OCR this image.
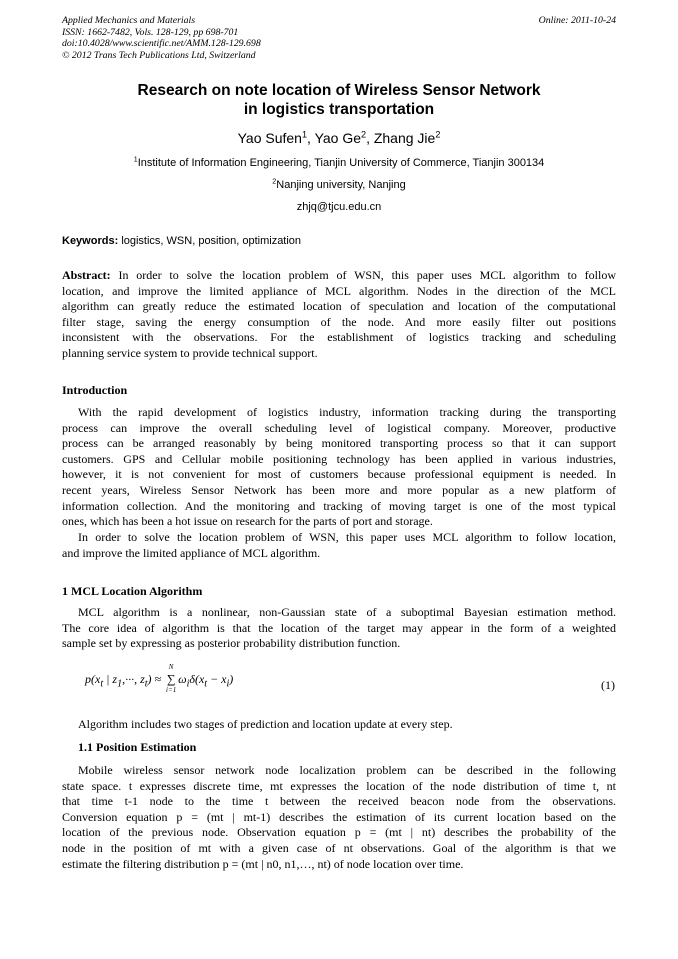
Applied Mechanics and Materials
ISSN: 1662-7482, Vols. 128-129, pp 698-701
doi:10.4028/www.scientific.net/AMM.128-129.698
© 2012 Trans Tech Publications Ltd, Switzerland
Online: 2011-10-24
Research on note location of Wireless Sensor Network
in logistics transportation
Yao Sufen$^1$, Yao Ge$^2$, Zhang Jie$^2$
$^1$Institute of Information Engineering, Tianjin University of Commerce, Tianjin 300134
$^2$Nanjing university, Nanjing
zhjq@tjcu.edu.cn
Keywords: logistics, WSN, position, optimization
Abstract: In order to solve the location problem of WSN, this paper uses MCL algorithm to follow
location, and improve the limited appliance of MCL algorithm. Nodes in the direction of the MCL
algorithm can greatly reduce the estimated location of speculation and location of the computational
filter stage, saving the energy consumption of the node. And more easily filter out positions
inconsistent with the observations. For the establishment of logistics tracking and scheduling
planning service system to provide technical support.
Introduction
With the rapid development of logistics industry, information tracking during the transporting
process can improve the overall scheduling level of logistical company. Moreover, productive
process can be arranged reasonably by being monitored transporting process so that it can support
customers. GPS and Cellular mobile positioning technology has been applied in various industries,
however, it is not convenient for most of customers because professional equipment is needed. In
recent years, Wireless Sensor Network has been more and more popular as a new platform of
information collection. And the monitoring and tracking of moving target is one of the most typical
ones, which has been a hot issue on research for the parts of port and storage.
In order to solve the location problem of WSN, this paper uses MCL algorithm to follow location,
and improve the limited appliance of MCL algorithm.
1 MCL Location Algorithm
MCL algorithm is a nonlinear, non-Gaussian state of a suboptimal Bayesian estimation method.
The core idea of algorithm is that the location of the target may appear in the form of a weighted
sample set by expressing as posterior probability distribution function.
$p(x_t$ | $z_1,\cdot\cdot\cdot$, $z_t$) ≈
N
∑
i=1
$\omega_i\delta(x_t - x_i)$	(1)
Algorithm includes two stages of prediction and location update at every step.
1.1 Position Estimation
Mobile wireless sensor network node localization problem can be described in the following
state space. t expresses discrete time, mt expresses the location of the node distribution of time t, nt
that time t-1 node to the time t between the received beacon node from the observations.
Conversion equation p = (mt | mt-1) describes the estimation of its current location based on the
location of the previous node. Observation equation p = (mt | nt) describes the probability of the
node in the position of mt with a given case of nt observations. Goal of the algorithm is that we
estimate the filtering distribution p = (mt | n0, n1,…, nt) of node location over time.
